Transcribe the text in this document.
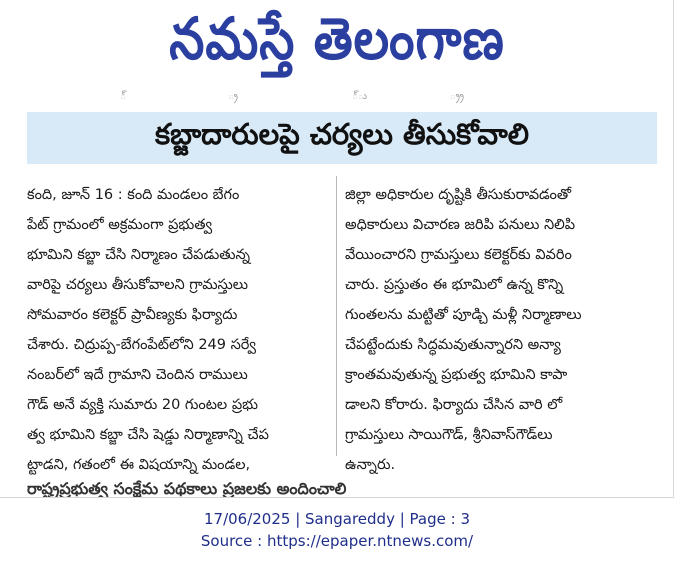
నమస్తే తెలంగాణ
్	్ర	్ు	్ర్ర
కబ్జాదారులపై చర్యలు తీసుకోవాలి
కంది, జూన్ 16 : కంది మండలం బేగం
పేట్ గ్రామంలో అక్రమంగా ప్రభుత్వ
భూమిని కబ్జా చేసి నిర్మాణం చేపడుతున్న
వారిపై చర్యలు తీసుకోవాలని గ్రామస్తులు
సోమవారం కలెక్టర్ ప్రావీణ్యకు ఫిర్యాదు
చేశారు. చిద్రుప్ప-బేగంపేట్‌లోని 249 సర్వే
నంబర్‌లో ఇదే గ్రామాని చెందిన రాములు
గౌడ్ అనే వ్యక్తి సుమారు 20 గుంటల ప్రభు
త్వ భూమిని కబ్జా చేసి షెడ్డు నిర్మాణాన్ని చేప
ట్టాడని, గతంలో ఈ విషయాన్ని మండల,
జిల్లా అధికారుల దృష్టికి తీసుకురావడంతో
అధికారులు విచారణ జరిపి పనులు నిలిపి
వేయించారని గ్రామస్తులు కలెక్టర్‌కు వివరిం
చారు. ప్రస్తుతం ఈ భూమిలో ఉన్న కొన్ని
గుంతలను మట్టితో పూడ్చి మళ్లీ నిర్మాణాలు
చేపట్టేందుకు సిద్ధమవుతున్నారని అన్యా
క్రాంతమవుతున్న ప్రభుత్వ భూమిని కాపా
డాలని కోరారు. ఫిర్యాదు చేసిన వారి లో
గ్రామస్తులు సాయిగౌడ్, శ్రీనివాస్‌గౌడ్‌లు
ఉన్నారు.
రాష్ట్రప్రభుత్వ సంక్షేమ పథకాలు ప్రజలకు అందించాలి
17/06/2025 | Sangareddy | Page : 3
Source : https://epaper.ntnews.com/
